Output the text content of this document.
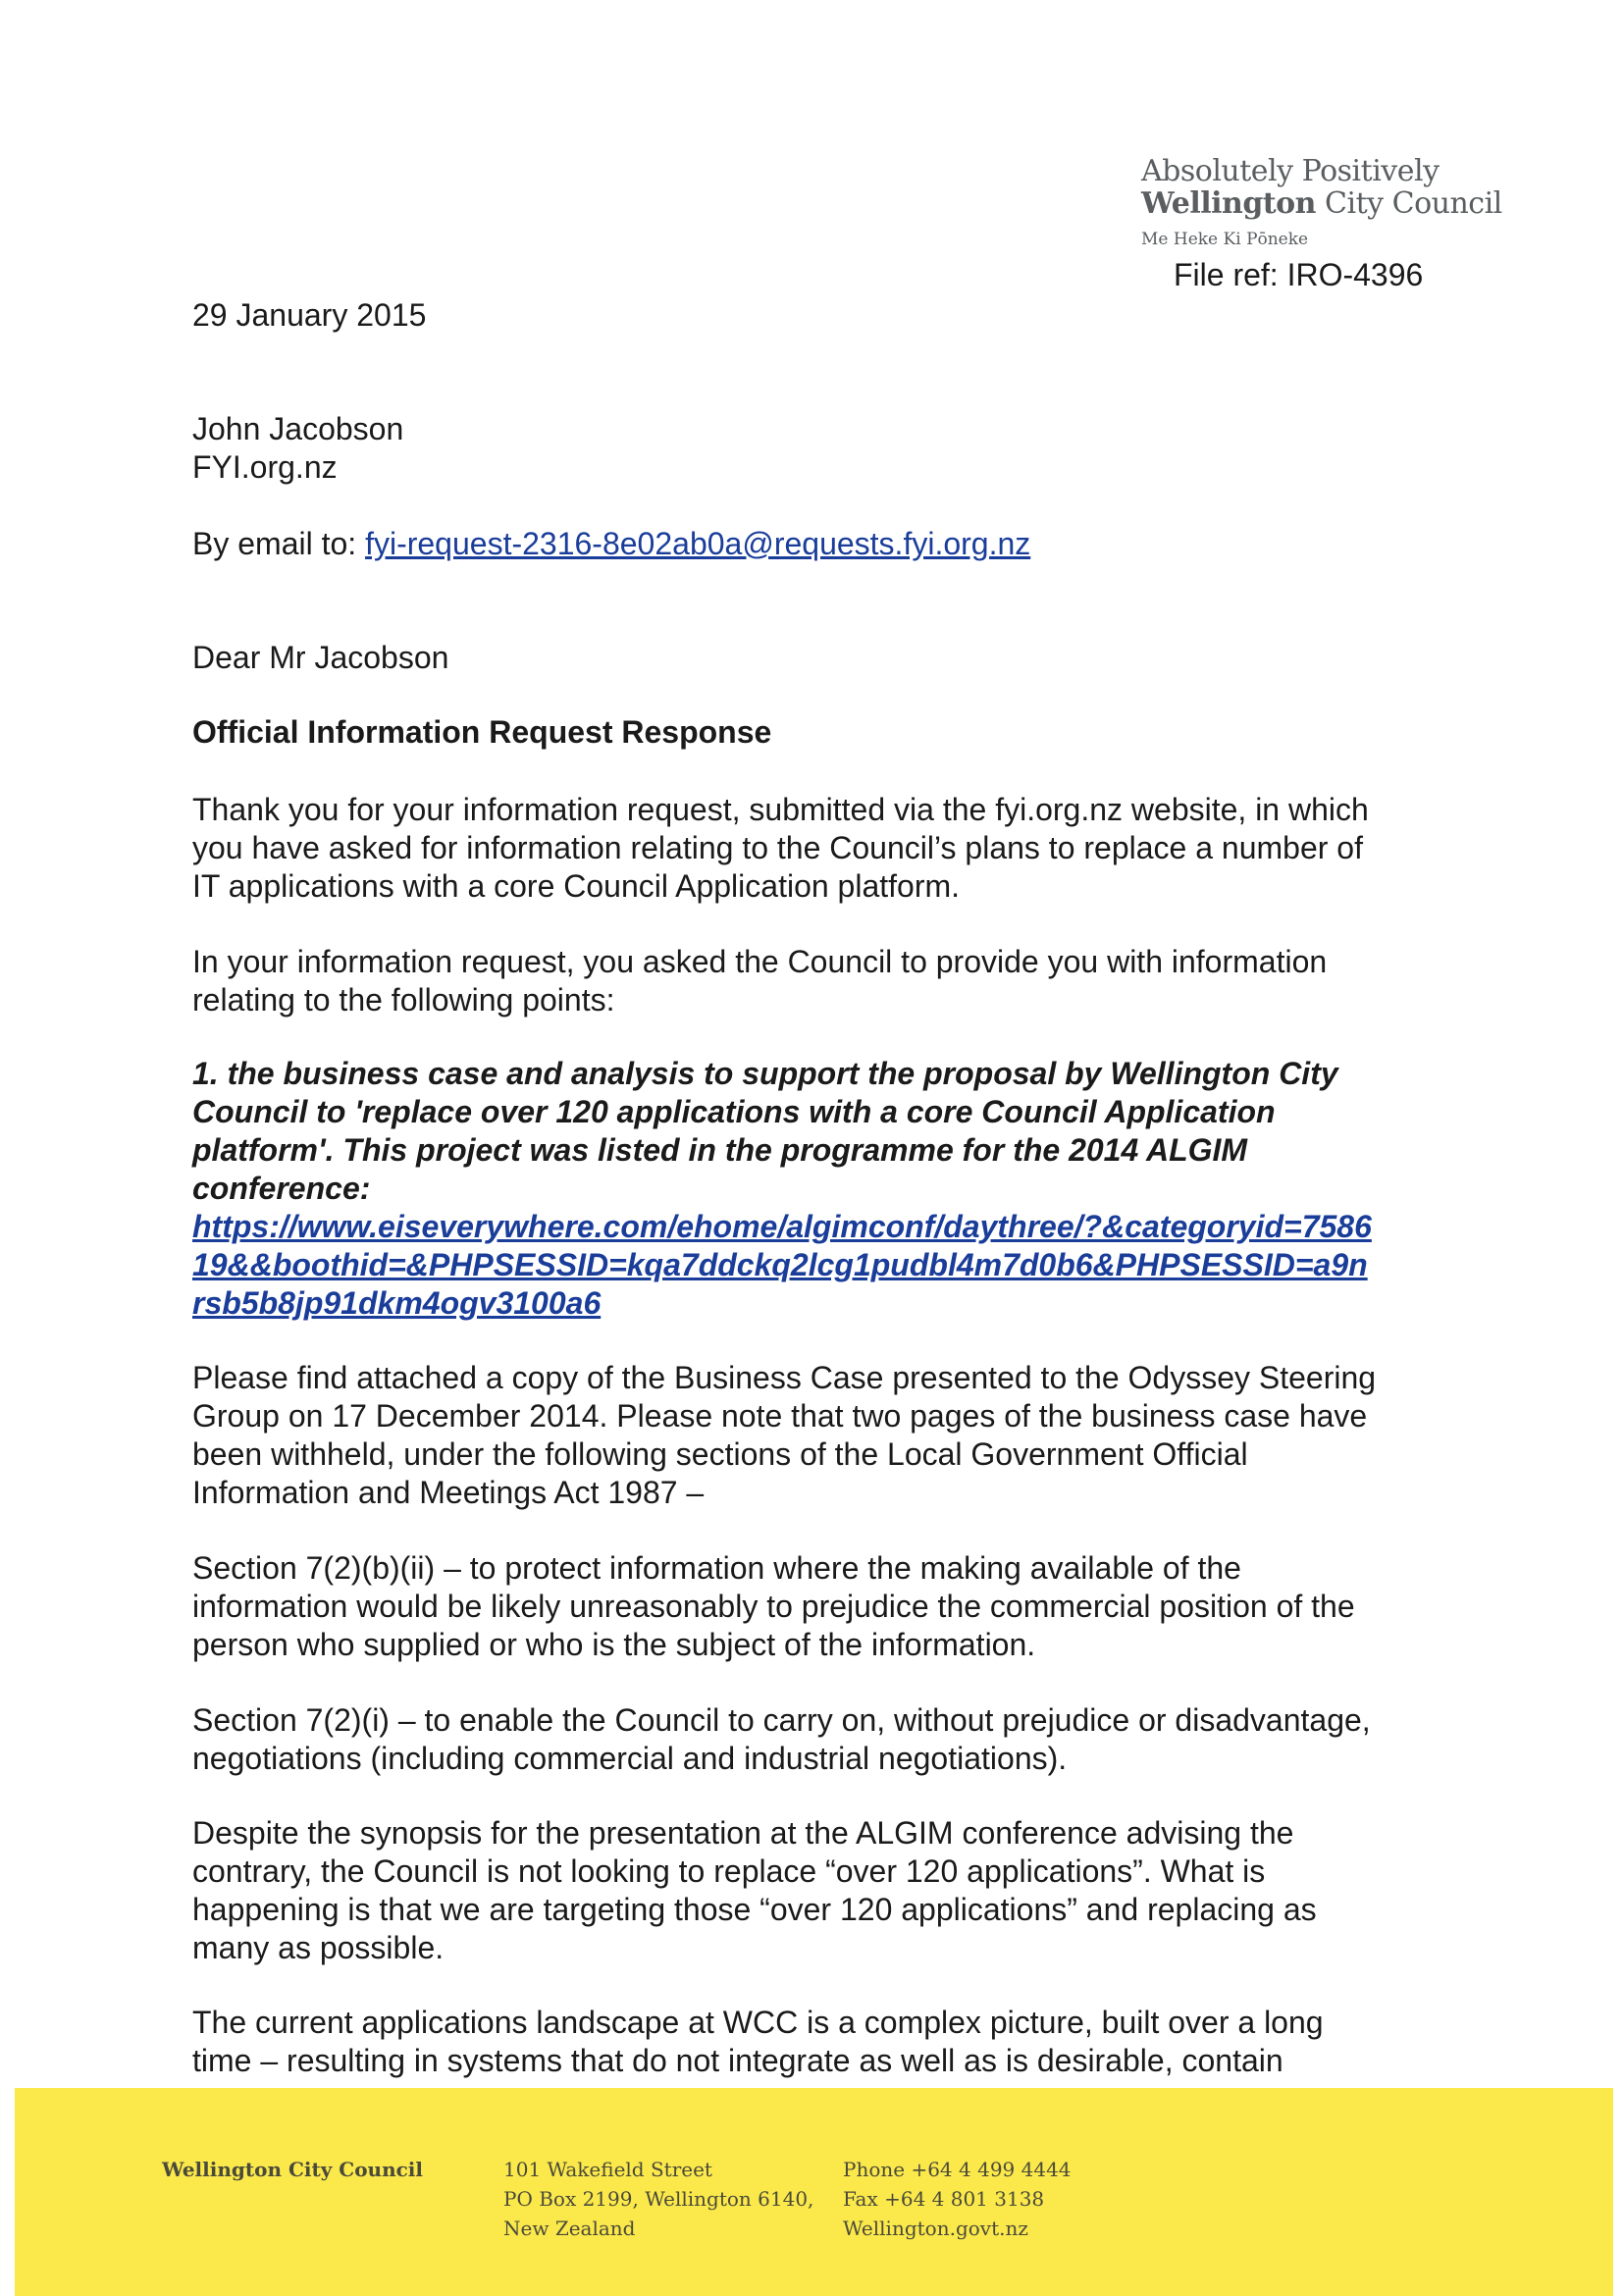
Absolutely Positively
Wellington City Council
Me Heke Ki Pōneke
File ref: IRO-4396
29 January 2015
John Jacobson
FYI.org.nz
By email to: fyi-request-2316-8e02ab0a@requests.fyi.org.nz
Dear Mr Jacobson
Official Information Request Response
Thank you for your information request, submitted via the fyi.org.nz website, in which
you have asked for information relating to the Council’s plans to replace a number of
IT applications with a core Council Application platform.
In your information request, you asked the Council to provide you with information
relating to the following points:
1. the business case and analysis to support the proposal by Wellington City
Council to 'replace over 120 applications with a core Council Application
platform'. This project was listed in the programme for the 2014 ALGIM
conference:
https://www.eiseverywhere.com/ehome/algimconf/daythree/?&categoryid=7586
19&&boothid=&PHPSESSID=kqa7ddckq2lcg1pudbl4m7d0b6&PHPSESSID=a9n
rsb5b8jp91dkm4ogv3100a6
Please find attached a copy of the Business Case presented to the Odyssey Steering
Group on 17 December 2014. Please note that two pages of the business case have
been withheld, under the following sections of the Local Government Official
Information and Meetings Act 1987 –
Section 7(2)(b)(ii) – to protect information where the making available of the
information would be likely unreasonably to prejudice the commercial position of the
person who supplied or who is the subject of the information.
Section 7(2)(i) – to enable the Council to carry on, without prejudice or disadvantage,
negotiations (including commercial and industrial negotiations).
Despite the synopsis for the presentation at the ALGIM conference advising the
contrary, the Council is not looking to replace “over 120 applications”. What is
happening is that we are targeting those “over 120 applications” and replacing as
many as possible.
The current applications landscape at WCC is a complex picture, built over a long
time – resulting in systems that do not integrate as well as is desirable, contain
Wellington City Council	101 Wakefield Street
PO Box 2199, Wellington 6140,
New Zealand
Phone +64 4 499 4444
Fax +64 4 801 3138
Wellington.govt.nz
